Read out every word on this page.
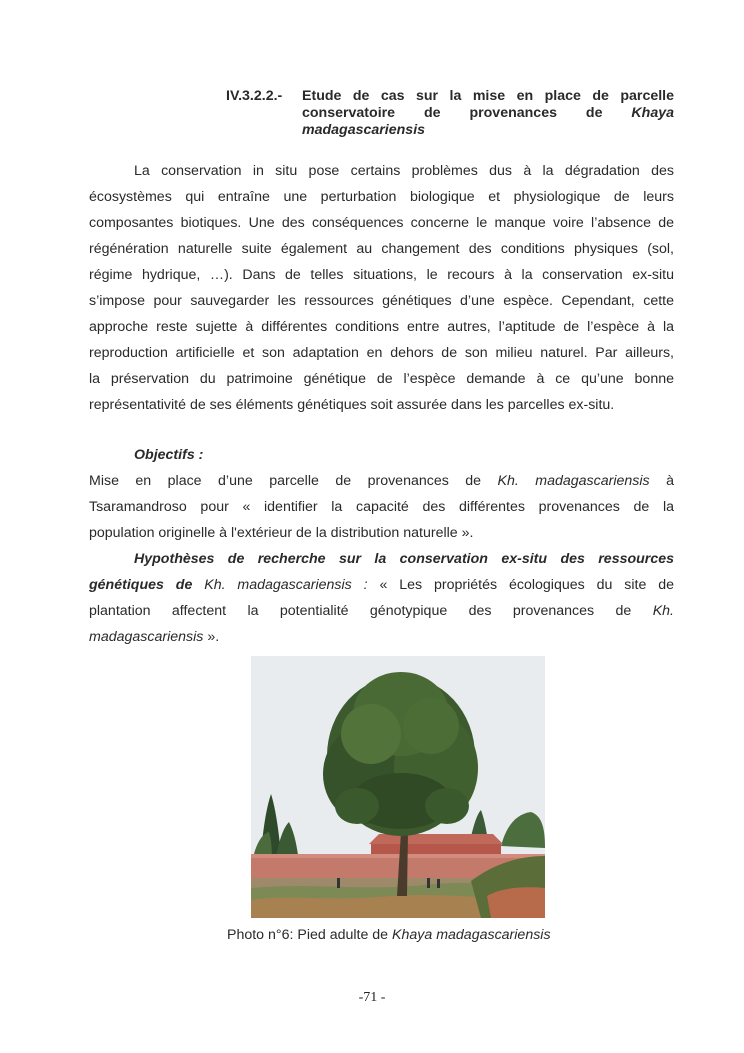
IV.3.2.2.- Etude de cas sur la mise en place de parcelle
conservatoire de provenances de Khaya
madagascariensis
La conservation in situ pose certains problèmes dus à la dégradation des
écosystèmes qui entraîne une perturbation biologique et physiologique de leurs
composantes biotiques. Une des conséquences concerne le manque voire l’absence de
régénération naturelle suite également au changement des conditions physiques (sol,
régime hydrique, …). Dans de telles situations, le recours à la conservation ex-situ
s’impose pour sauvegarder les ressources génétiques d’une espèce. Cependant, cette
approche reste sujette à différentes conditions entre autres, l’aptitude de l’espèce à la
reproduction artificielle et son adaptation en dehors de son milieu naturel. Par ailleurs,
la préservation du patrimoine génétique de l’espèce demande à ce qu’une bonne
représentativité de ses éléments génétiques soit assurée dans les parcelles ex-situ.
Objectifs :
Mise en place d’une parcelle de provenances de Kh. madagascariensis à
Tsaramandroso pour « identifier la capacité des différentes provenances de la
population originelle à l'extérieur de la distribution naturelle ».
Hypothèses de recherche sur la conservation ex-situ des ressources
génétiques de Kh. madagascariensis : « Les propriétés écologiques du site de
plantation affectent la potentialité génotypique des provenances de Kh.
madagascariensis ».
Photo n°6: Pied adulte de Khaya madagascariensis
-71 -
